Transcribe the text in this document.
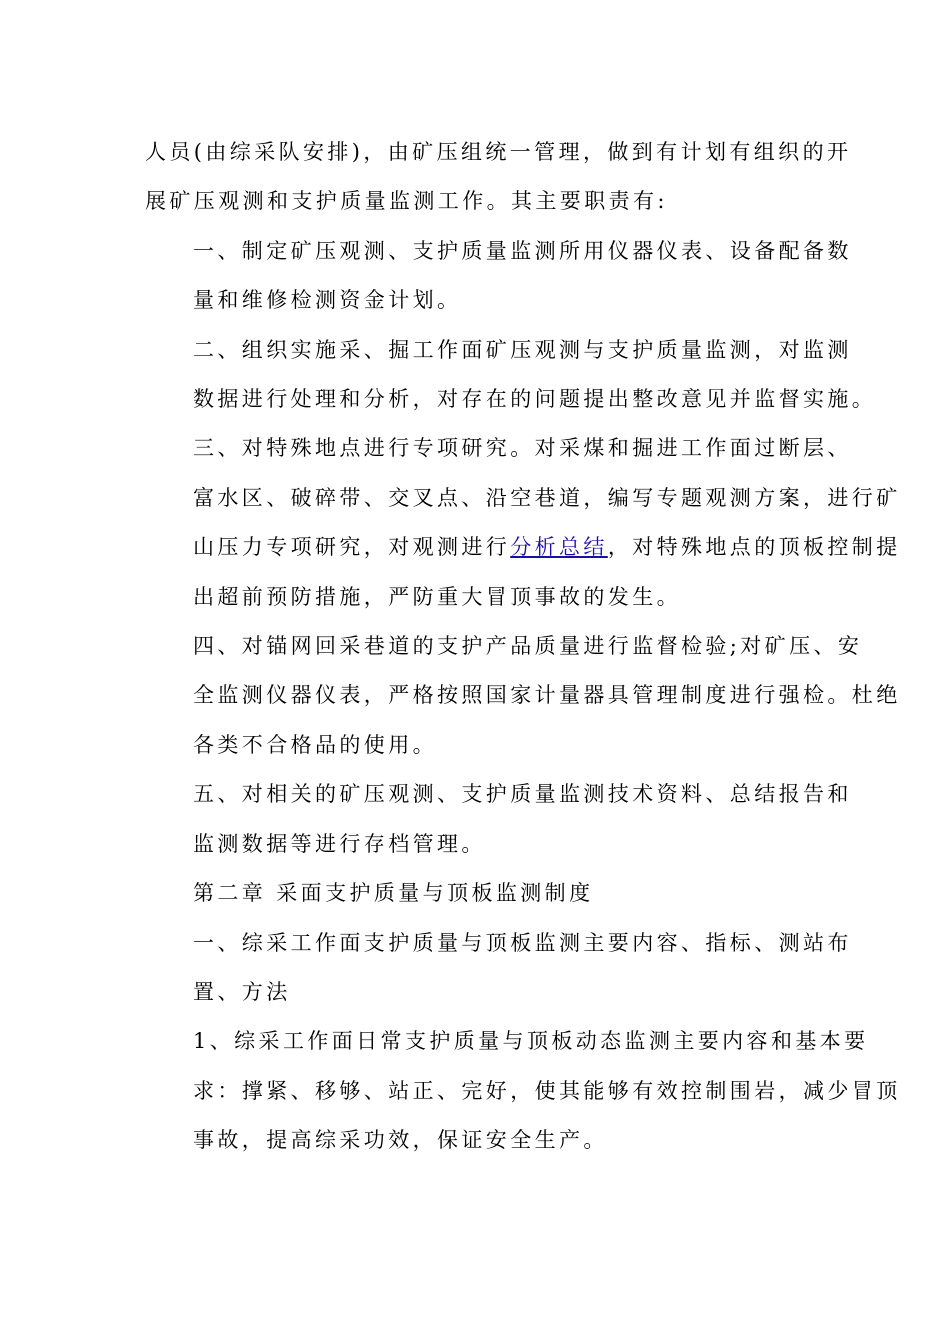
人员(由综采队安排)，由矿压组统一管理，做到有计划有组织的开
展矿压观测和支护质量监测工作。其主要职责有:

一、制定矿压观测、支护质量监测所用仪器仪表、设备配备数
量和维修检测资金计划。

二、组织实施采、掘工作面矿压观测与支护质量监测，对监测
数据进行处理和分析，对存在的问题提出整改意见并监督实施。

三、对特殊地点进行专项研究。对采煤和掘进工作面过断层、
富水区、破碎带、交叉点、沿空巷道，编写专题观测方案，进行矿
山压力专项研究，对观测进行分析总结，对特殊地点的顶板控制提
出超前预防措施，严防重大冒顶事故的发生。

四、对锚网回采巷道的支护产品质量进行监督检验;对矿压、安
全监测仪器仪表，严格按照国家计量器具管理制度进行强检。杜绝
各类不合格品的使用。

五、对相关的矿压观测、支护质量监测技术资料、总结报告和
监测数据等进行存档管理。

第二章 采面支护质量与顶板监测制度

一、综采工作面支护质量与顶板监测主要内容、指标、测站布
置、方法

1、综采工作面日常支护质量与顶板动态监测主要内容和基本要
求：撑紧、移够、站正、完好，使其能够有效控制围岩，减少冒顶
事故，提高综采功效，保证安全生产。
